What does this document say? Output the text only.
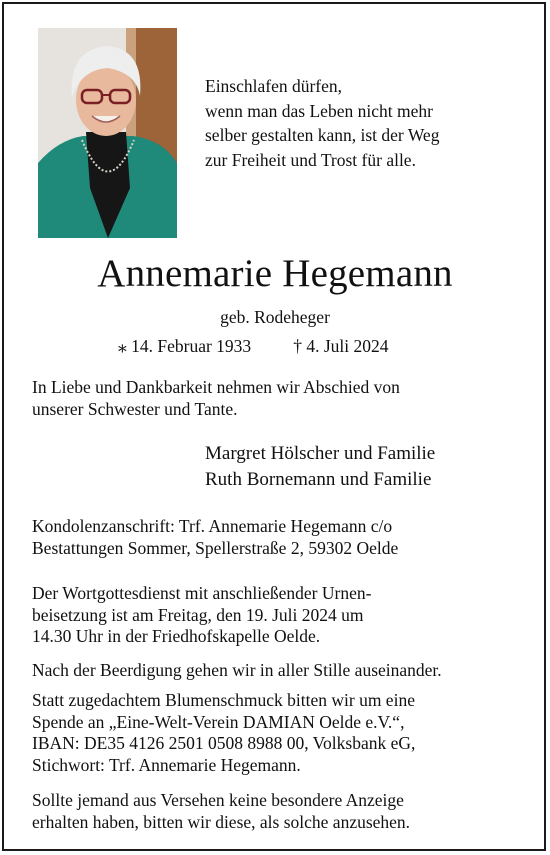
Einschlafen dürfen,
wenn man das Leben nicht mehr
selber gestalten kann, ist der Weg
zur Freiheit und Trost für alle.
Annemarie Hegemann
geb. Rodeheger
⁎ 14. Februar 1933 † 4. Juli 2024
In Liebe und Dankbarkeit nehmen wir Abschied von
unserer Schwester und Tante.
Margret Hölscher und Familie
Ruth Bornemann und Familie
Kondolenzanschrift: Trf. Annemarie Hegemann c/o
Bestattungen Sommer, Spellerstraße 2, 59302 Oelde
Der Wortgottesdienst mit anschließender Urnen-
beisetzung ist am Freitag, den 19. Juli 2024 um
14.30 Uhr in der Friedhofskapelle Oelde.
Nach der Beerdigung gehen wir in aller Stille auseinander.
Statt zugedachtem Blumenschmuck bitten wir um eine
Spende an „Eine-Welt-Verein DAMIAN Oelde e.V.“,
IBAN: DE35 4126 2501 0508 8988 00, Volksbank eG,
Stichwort: Trf. Annemarie Hegemann.
Sollte jemand aus Versehen keine besondere Anzeige
erhalten haben, bitten wir diese, als solche anzusehen.
